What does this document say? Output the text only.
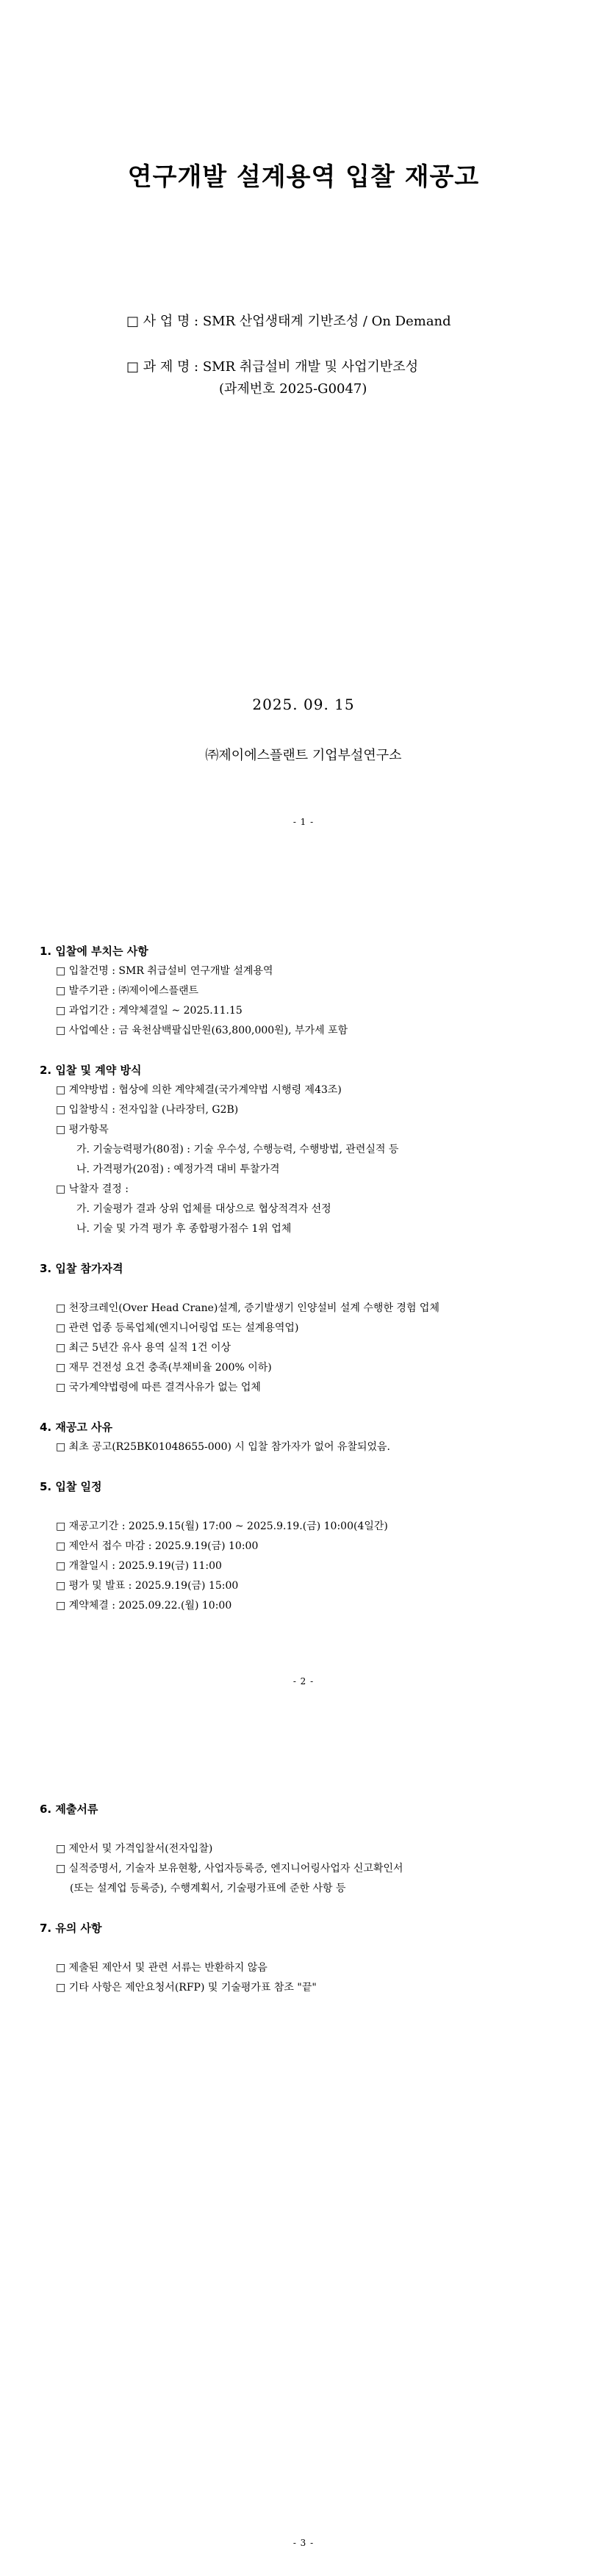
연구개발 설계용역 입찰 재공고
□ 사 업 명 : SMR 산업생태계 기반조성 / On Demand
□ 과 제 명 : SMR 취급설비 개발 및 사업기반조성
(과제번호 2025-G0047)
2025. 09. 15
㈜제이에스플랜트 기업부설연구소
- 1 -
1. 입찰에 부치는 사항
□ 입찰건명 : SMR 취급설비 연구개발 설계용역
□ 발주기관 : ㈜제이에스플랜트
□ 과업기간 : 계약체결일 ~ 2025.11.15
□ 사업예산 : 금 육천삼백팔십만원(63,800,000원), 부가세 포함
2. 입찰 및 계약 방식
□ 계약방법 : 협상에 의한 계약체결(국가계약법 시행령 제43조)
□ 입찰방식 : 전자입찰 (나라장터, G2B)
□ 평가항목
가. 기술능력평가(80점) : 기술 우수성, 수행능력, 수행방법, 관련실적 등
나. 가격평가(20점) : 예정가격 대비 투찰가격
□ 낙찰자 결정 :
가. 기술평가 결과 상위 업체를 대상으로 협상적격자 선정
나. 기술 및 가격 평가 후 종합평가점수 1위 업체
3. 입찰 참가자격
□ 천장크레인(Over Head Crane)설계, 증기발생기 인양설비 설계 수행한 경험 업체
□ 관련 업종 등록업체(엔지니어링업 또는 설계용역업)
□ 최근 5년간 유사 용역 실적 1건 이상
□ 재무 건전성 요건 충족(부채비율 200% 이하)
□ 국가계약법령에 따른 결격사유가 없는 업체
4. 재공고 사유
□ 최초 공고(R25BK01048655-000) 시 입찰 참가자가 없어 유찰되었음.
5. 입찰 일정
□ 재공고기간 : 2025.9.15(월) 17:00 ~ 2025.9.19.(금) 10:00(4일간)
□ 제안서 접수 마감 : 2025.9.19(금) 10:00
□ 개찰일시 : 2025.9.19(금) 11:00
□ 평가 및 발표 : 2025.9.19(금) 15:00
□ 계약체결 : 2025.09.22.(월) 10:00
- 2 -
6. 제출서류
□ 제안서 및 가격입찰서(전자입찰)
□ 실적증명서, 기술자 보유현황, 사업자등록증, 엔지니어링사업자 신고확인서
(또는 설계업 등록증), 수행계획서, 기술평가표에 준한 사항 등
7. 유의 사항
□ 제출된 제안서 및 관련 서류는 반환하지 않음
□ 기타 사항은 제안요청서(RFP) 및 기술평가표 참조 "끝"
- 3 -
